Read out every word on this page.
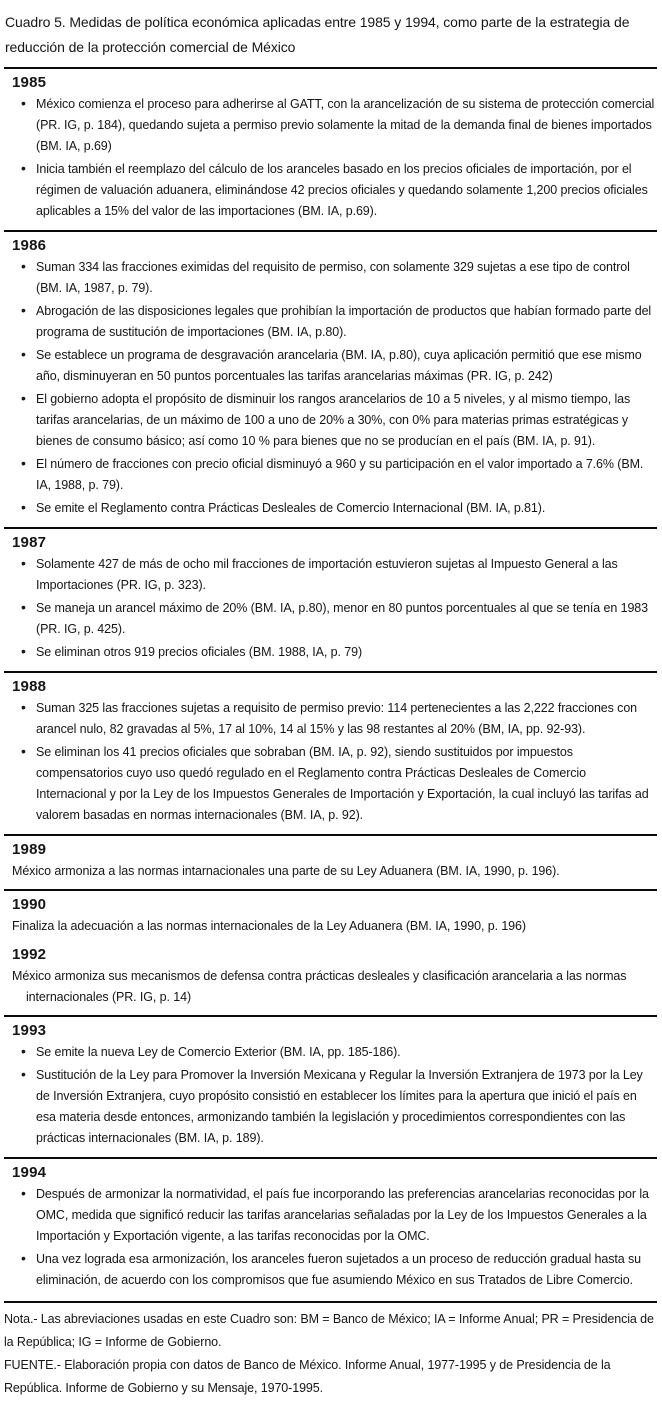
Cuadro 5. Medidas de política económica aplicadas entre 1985 y 1994, como parte de la estrategia de reducción de la protección comercial de México

1985
• México comienza el proceso para adherirse al GATT, con la arancelización de su sistema de protección comercial (PR. IG, p. 184), quedando sujeta a permiso previo solamente la mitad de la demanda final de bienes importados (BM. IA, p.69)
• Inicia también el reemplazo del cálculo de los aranceles basado en los precios oficiales de importación, por el régimen de valuación aduanera, eliminándose 42 precios oficiales y quedando solamente 1,200 precios oficiales aplicables a 15% del valor de las importaciones (BM. IA, p.69).
1986
• Suman 334 las fracciones eximidas del requisito de permiso, con solamente 329 sujetas a ese tipo de control (BM. IA, 1987, p. 79).
• Abrogación de las disposiciones legales que prohibían la importación de productos que habían formado parte del programa de sustitución de importaciones (BM. IA, p.80).
• Se establece un programa de desgravación arancelaria (BM. IA, p.80), cuya aplicación permitió que ese mismo año, disminuyeran en 50 puntos porcentuales las tarifas arancelarias máximas (PR. IG, p. 242)
• El gobierno adopta el propósito de disminuir los rangos arancelarios de 10 a 5 niveles, y al mismo tiempo, las tarifas arancelarias, de un máximo de 100 a uno de 20% a 30%, con 0% para materias primas estratégicas y bienes de consumo básico; así como 10 % para bienes que no se producían en el país (BM. IA, p. 91).
• El número de fracciones con precio oficial disminuyó a 960 y su participación en el valor importado a 7.6% (BM. IA, 1988, p. 79).
• Se emite el Reglamento contra Prácticas Desleales de Comercio Internacional (BM. IA, p.81).
1987
• Solamente 427 de más de ocho mil fracciones de importación estuvieron sujetas al Impuesto General a las Importaciones (PR. IG, p. 323).
• Se maneja un arancel máximo de 20% (BM. IA, p.80), menor en 80 puntos porcentuales al que se tenía en 1983 (PR. IG, p. 425).
• Se eliminan otros 919 precios oficiales (BM. 1988, IA, p. 79)
1988
• Suman 325 las fracciones sujetas a requisito de permiso previo: 114 pertenecientes a las 2,222 fracciones con arancel nulo, 82 gravadas al 5%, 17 al 10%, 14 al 15% y las 98 restantes al 20% (BM, IA, pp. 92-93).
• Se eliminan los 41 precios oficiales que sobraban (BM. IA, p. 92), siendo sustituidos por impuestos compensatorios cuyo uso quedó regulado en el Reglamento contra Prácticas Desleales de Comercio Internacional y por la Ley de los Impuestos Generales de Importación y Exportación, la cual incluyó las tarifas ad valorem basadas en normas internacionales (BM. IA, p. 92).
1989

México armoniza a las normas intarnacionales una parte de su Ley Aduanera (BM. IA, 1990, p. 196).

1990

Finaliza la adecuación a las normas internacionales de la Ley Aduanera (BM. IA, 1990, p. 196)

1992

México armoniza sus mecanismos de defensa contra prácticas desleales y clasificación arancelaria a las normas internacionales (PR. IG, p. 14)

1993
• Se emite la nueva Ley de Comercio Exterior (BM. IA, pp. 185-186).
• Sustitución de la Ley para Promover la Inversión Mexicana y Regular la Inversión Extranjera de 1973 por la Ley de Inversión Extranjera, cuyo propósito consistió en establecer los límites para la apertura que inició el país en esa materia desde entonces, armonizando también la legislación y procedimientos correspondientes con las prácticas internacionales (BM. IA, p. 189).
1994
• Después de armonizar la normatividad, el país fue incorporando las preferencias arancelarias reconocidas por la OMC, medida que significó reducir las tarifas arancelarias señaladas por la Ley de los Impuestos Generales a la Importación y Exportación vigente, a las tarifas reconocidas por la OMC.
• Una vez lograda esa armonización, los aranceles fueron sujetados a un proceso de reducción gradual hasta su eliminación, de acuerdo con los compromisos que fue asumiendo México en sus Tratados de Libre Comercio.

Nota.- Las abreviaciones usadas en este Cuadro son: BM = Banco de México; IA = Informe Anual; PR = Presidencia de la República; IG = Informe de Gobierno.

FUENTE.- Elaboración propia con datos de Banco de México. Informe Anual, 1977-1995 y de Presidencia de la República. Informe de Gobierno y su Mensaje, 1970-1995.
